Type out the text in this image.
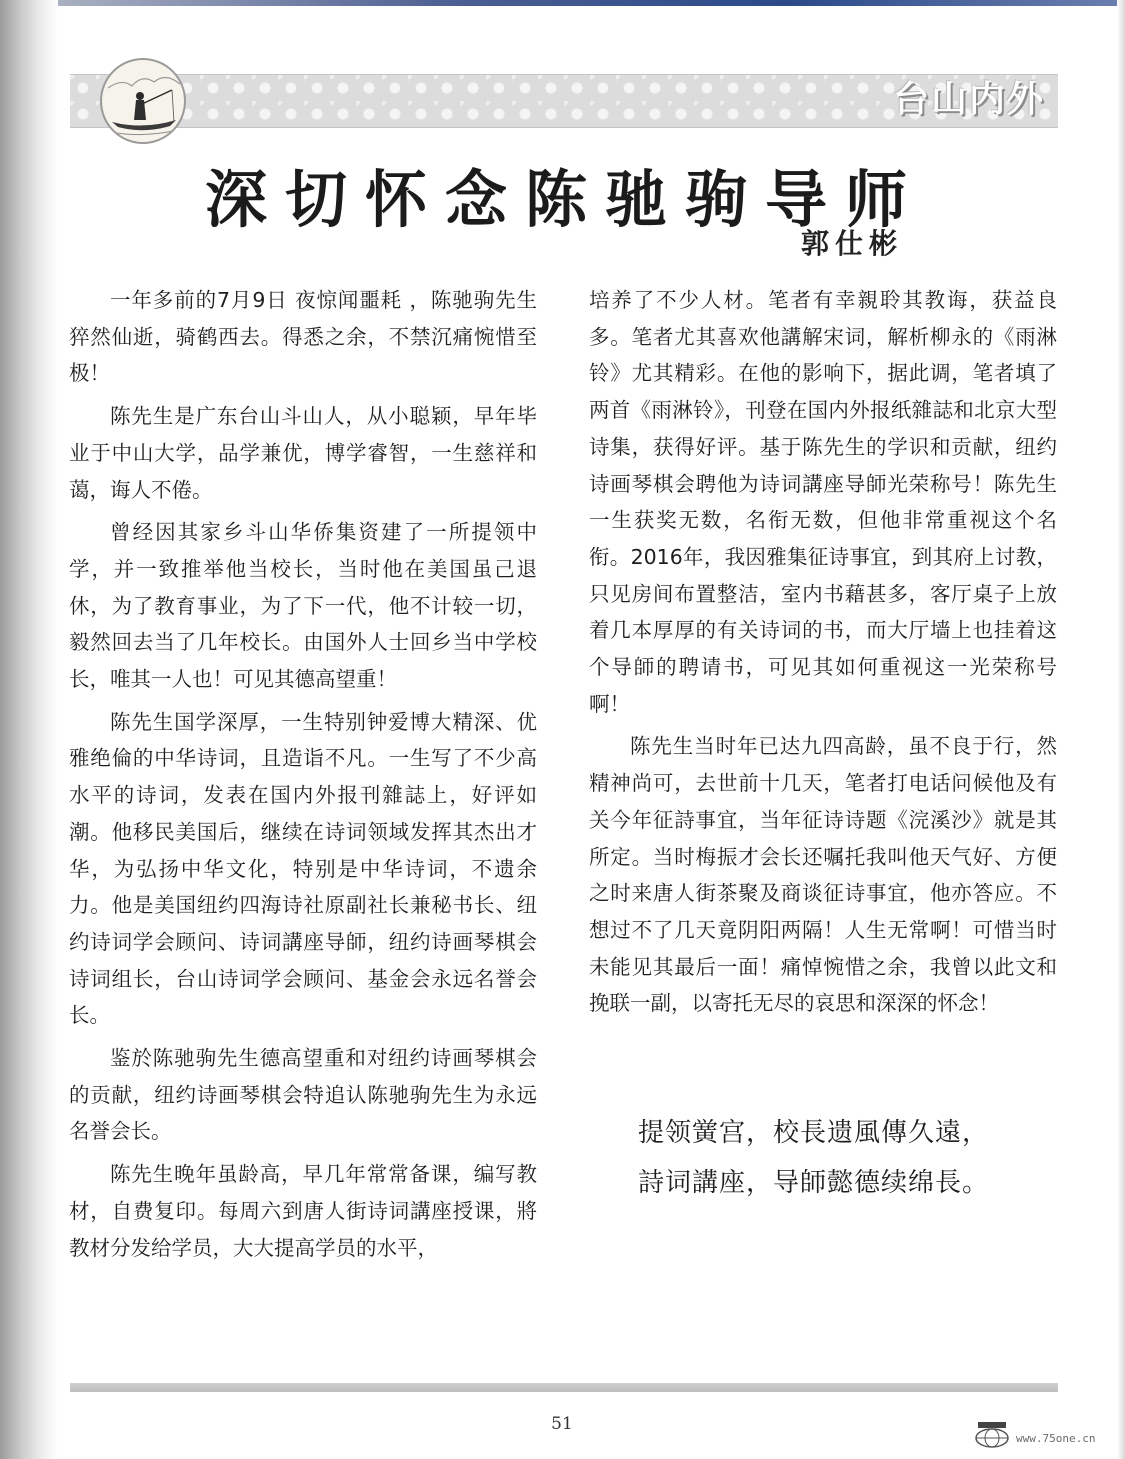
台山内外
深切怀念陈驰驹导师
郭仕彬

一年多前的7月9日 夜惊闻噩耗 ，陈驰驹先生猝然仙逝，骑鹤西去。得悉之余，不禁沉痛惋惜至极！

陈先生是广东台山斗山人，从小聪颖，早年毕业于中山大学，品学兼优，博学睿智，一生慈祥和蔼，诲人不倦。

曾经因其家乡斗山华侨集资建了一所提领中学，并一致推举他当校长，当时他在美国虽己退休，为了教育事业，为了下一代，他不计较一切，毅然回去当了几年校长。由国外人士回乡当中学校长，唯其一人也！可见其德高望重！

陈先生国学深厚，一生特别钟爱博大精深、优雅绝倫的中华诗词，且造诣不凡。一生写了不少高水平的诗词，发表在国内外报刊雜誌上，好评如潮。他移民美国后，继续在诗词领域发挥其杰出才华，为弘扬中华文化，特别是中华诗词，不遗余力。他是美国纽约四海诗社原副社长兼秘书长、纽约诗词学会顾问、诗词講座导師，纽约诗画琴棋会诗词组长，台山诗词学会顾问、基金会永远名誉会长。

鉴於陈驰驹先生德高望重和对纽约诗画琴棋会的贡献，纽约诗画琴棋会特追认陈驰驹先生为永远名誉会长。

陈先生晚年虽龄高，早几年常常备课，编写教材，自费复印。每周六到唐人街诗词講座授课，將教材分发给学员，大大提高学员的水平，

培养了不少人材。笔者有幸親聆其教诲，获益良多。笔者尤其喜欢他講解宋词，解析柳永的《雨淋铃》尤其精彩。在他的影响下，据此调，笔者填了两首《雨淋铃》，刊登在国内外报纸雜誌和北京大型诗集，获得好评。基于陈先生的学识和贡献，纽约诗画琴棋会聘他为诗词講座导師光荣称号！陈先生一生获奖无数，名衔无数，但他非常重视这个名衔。2016年，我因雅集征诗事宜，到其府上讨教，只见房间布置整洁，室内书藉甚多，客厅桌子上放着几本厚厚的有关诗词的书，而大厅墙上也挂着这个导師的聘请书，可见其如何重视这一光荣称号啊！

陈先生当时年已达九四高龄，虽不良于行，然精神尚可，去世前十几天，笔者打电话问候他及有关今年征詩事宜，当年征诗诗题《浣溪沙》就是其所定。当时梅振才会长还嘱托我叫他天气好、方便之时来唐人街茶聚及商谈征诗事宜，他亦答应。不想过不了几天竟阴阳两隔！人生无常啊！可惜当时未能见其最后一面！痛悼惋惜之余，我曾以此文和挽联一副，以寄托无尽的哀思和深深的怀念！

提领黉宫，校長遗風傳久遠，
詩词講座，导師懿德续绵長。
51
www.75one.cn
